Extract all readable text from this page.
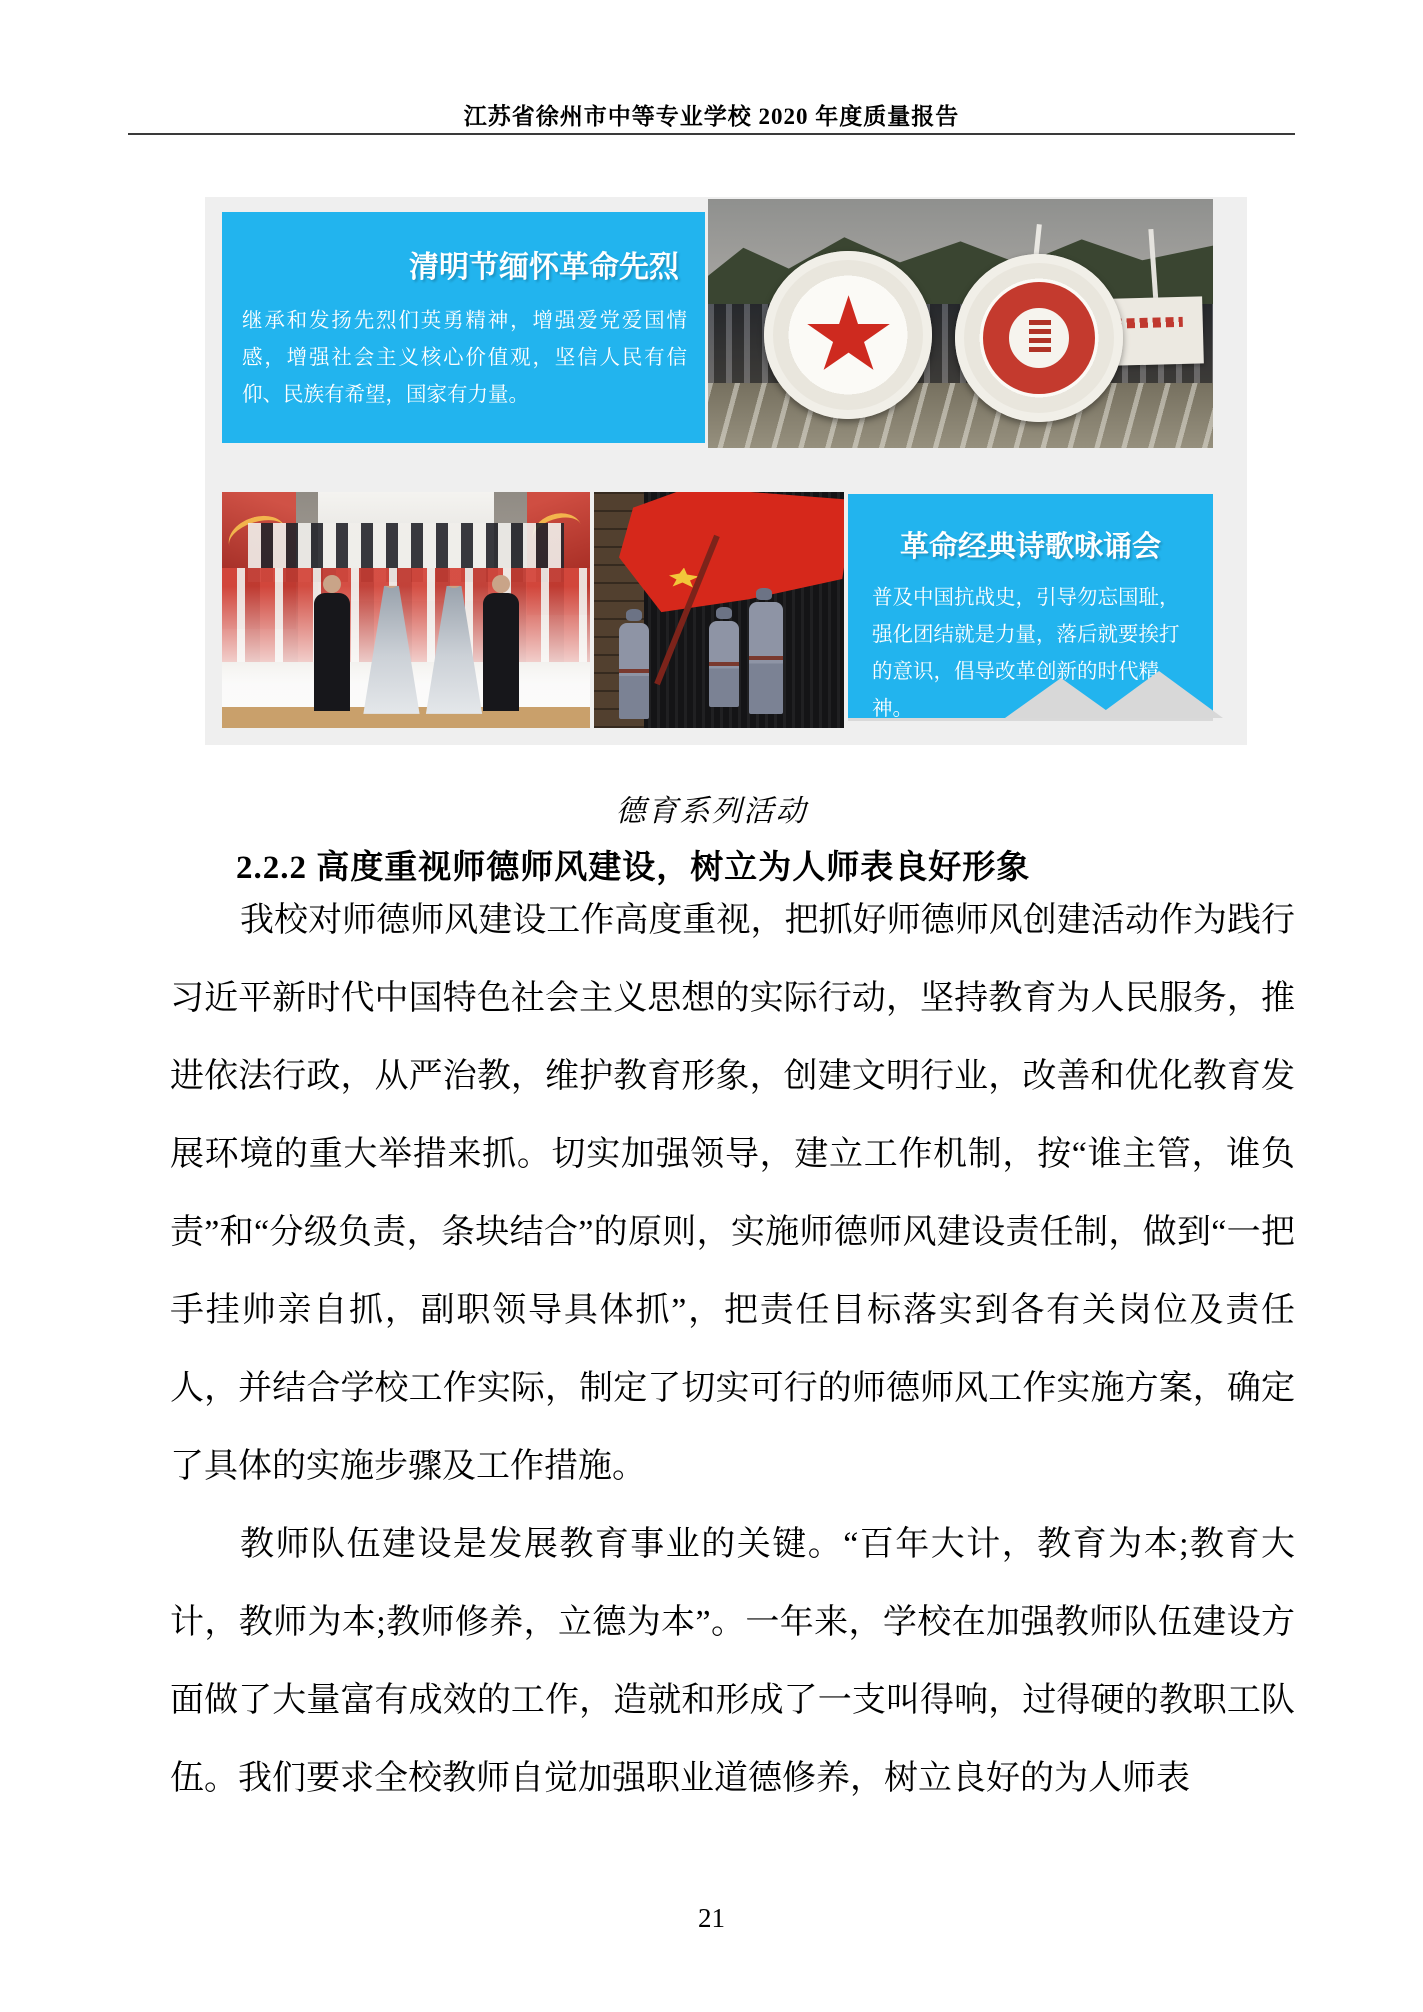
江苏省徐州市中等专业学校 2020 年度质量报告
清明节缅怀革命先烈
继承和发扬先烈们英勇精神，增强爱党爱国情感，增强社会主义核心价值观，坚信人民有信仰、民族有希望，国家有力量。
革命经典诗歌咏诵会
普及中国抗战史，引导勿忘国耻，强化团结就是力量，落后就要挨打的意识，倡导改革创新的时代精神。
德育系列活动
2.2.2 高度重视师德师风建设，树立为人师表良好形象

我校对师德师风建设工作高度重视，把抓好师德师风创建活动作为践行习近平新时代中国特色社会主义思想的实际行动，坚持教育为人民服务，推进依法行政，从严治教，维护教育形象，创建文明行业，改善和优化教育发展环境的重大举措来抓。切实加强领导，建立工作机制，按“谁主管，谁负责”和“分级负责，条块结合”的原则，实施师德师风建设责任制，做到“一把手挂帅亲自抓，副职领导具体抓”，把责任目标落实到各有关岗位及责任人，并结合学校工作实际，制定了切实可行的师德师风工作实施方案，确定了具体的实施步骤及工作措施。

教师队伍建设是发展教育事业的关键。“百年大计，教育为本;教育大计，教师为本;教师修养，立德为本”。一年来，学校在加强教师队伍建设方面做了大量富有成效的工作，造就和形成了一支叫得响，过得硬的教职工队伍。我们要求全校教师自觉加强职业道德修养，树立良好的为人师表

21
